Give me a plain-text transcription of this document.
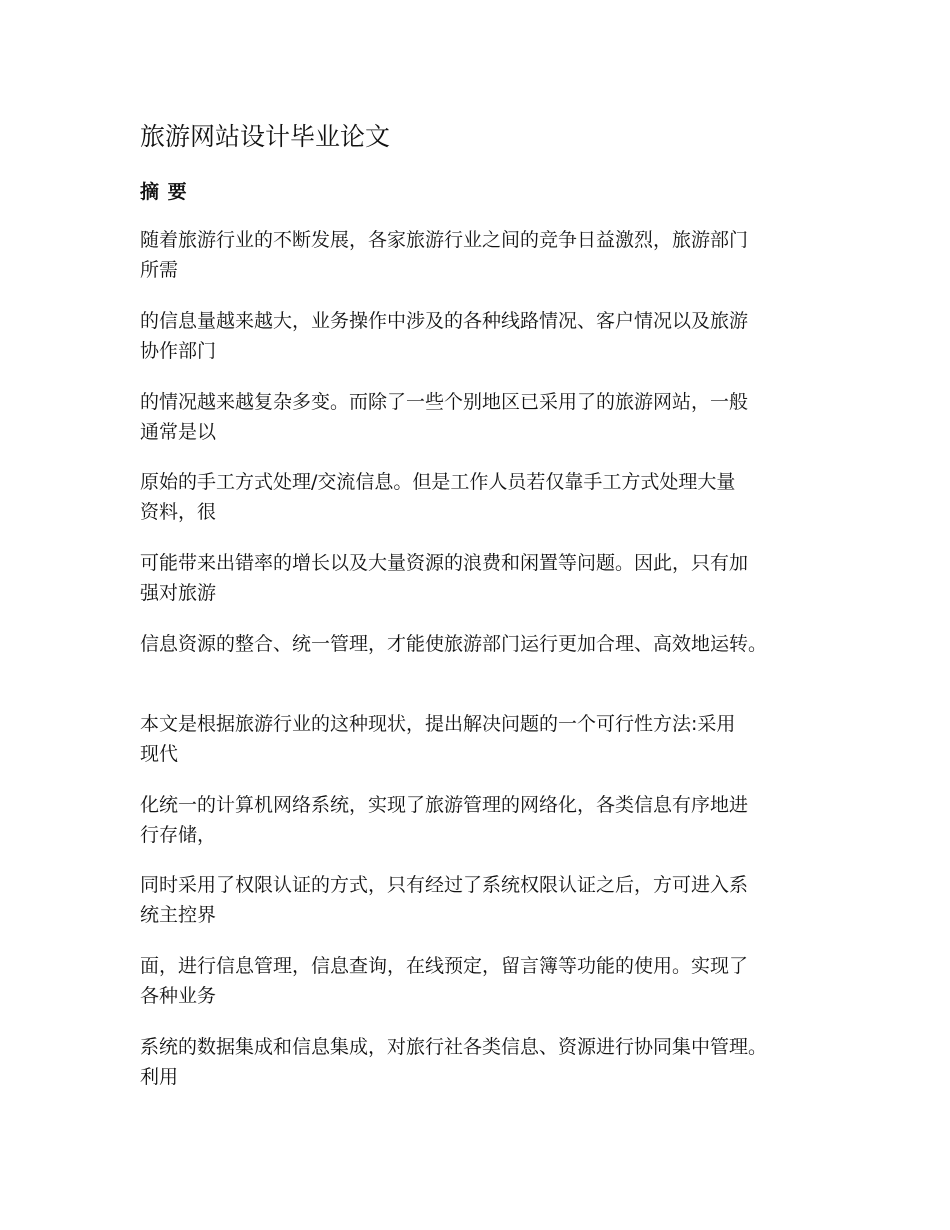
旅游网站设计毕业论文
摘 要

随着旅游行业的不断发展，各家旅游行业之间的竞争日益激烈，旅游部门
所需

的信息量越来越大，业务操作中涉及的各种线路情况、客户情况以及旅游
协作部门

的情况越来越复杂多变。而除了一些个别地区已采用了的旅游网站，一般
通常是以

原始的手工方式处理/交流信息。但是工作人员若仅靠手工方式处理大量
资料，很

可能带来出错率的增长以及大量资源的浪费和闲置等问题。因此，只有加
强对旅游

信息资源的整合、统一管理，才能使旅游部门运行更加合理、高效地运转。

本文是根据旅游行业的这种现状，提出解决问题的一个可行性方法:采用
现代

化统一的计算机网络系统，实现了旅游管理的网络化，各类信息有序地进
行存储，

同时采用了权限认证的方式，只有经过了系统权限认证之后，方可进入系
统主控界

面，进行信息管理，信息查询，在线预定，留言簿等功能的使用。实现了
各种业务

系统的数据集成和信息集成，对旅行社各类信息、资源进行协同集中管理。
利用
